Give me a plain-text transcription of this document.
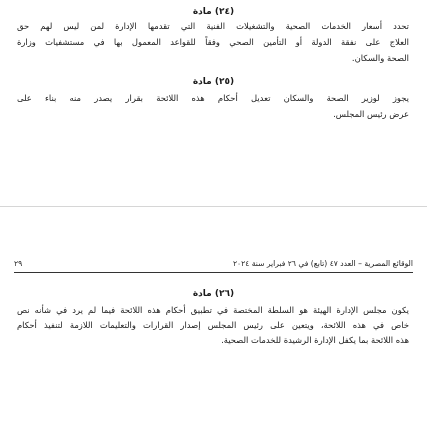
(٢٤) مادة
تحدد أسعار الخدمات الصحية والتشغيلات الفنية التي تقدمها الإدارة لمن ليس لهم حق
العلاج على نفقة الدولة أو التأمين الصحي وفقاً للقواعد المعمول بها في مستشفيات وزارة
الصحة والسكان.
(٢٥) مادة
يجوز لوزير الصحة والسكان تعديل أحكام هذه اللائحة بقرار يصدر منه بناء على
عرض رئيس المجلس.
الوقائع المصرية – العدد ٤٧ (تابع) في ٢٦ فبراير سنة ٢٠٢٤
٢٩
(٢٦) مادة
يكون مجلس الإدارة الهيئة هو السلطة المختصة في تطبيق أحكام هذه اللائحة فيما لم يرد في شأنه نص
خاص في هذه اللائحة، ويتعين على رئيس المجلس إصدار القرارات والتعليمات اللازمة لتنفيذ أحكام
هذه اللائحة بما يكفل الإدارة الرشيدة للخدمات الصحية.
